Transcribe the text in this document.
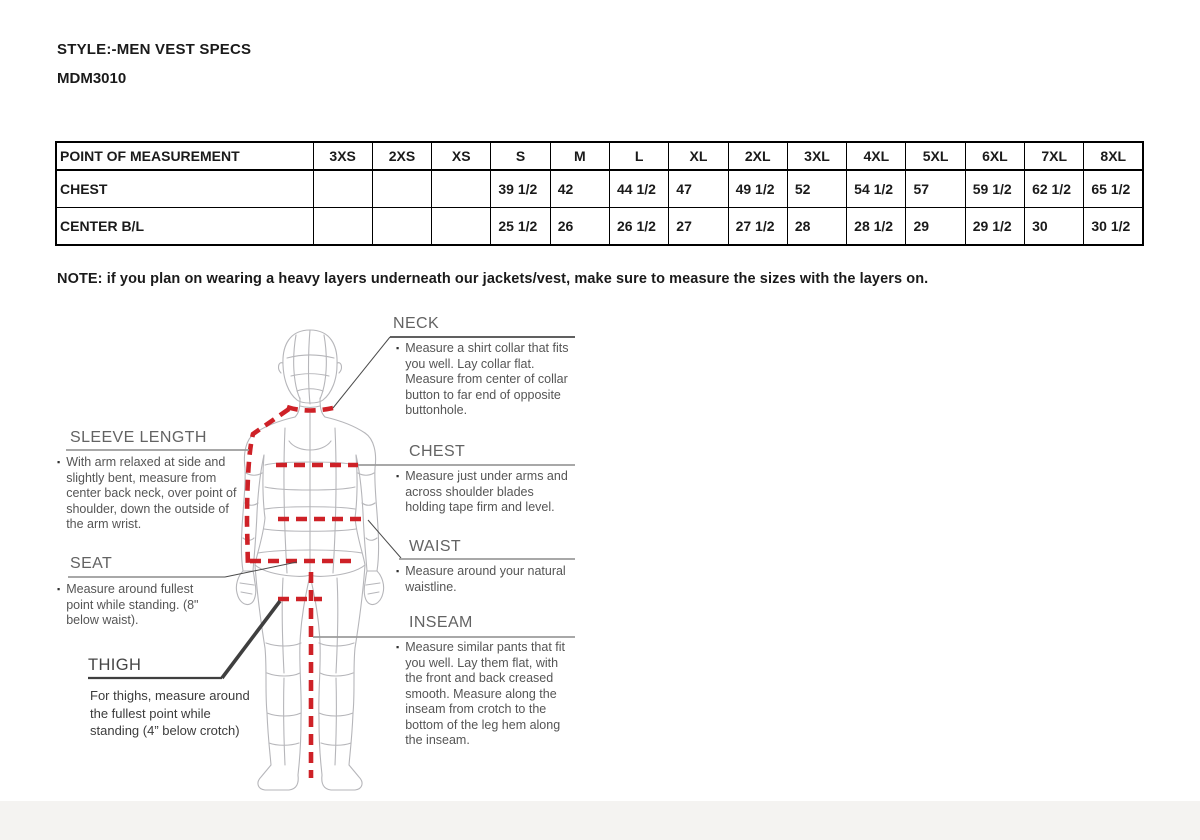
STYLE:-MEN VEST SPECS
MDM3010
POINT OF MEASUREMENT	3XS	2XS	XS	S	M	L	XL	2XL	3XL	4XL	5XL	6XL	7XL	8XL
CHEST				39 1/2	42	44 1/2	47	49 1/2	52	54 1/2	57	59 1/2	62 1/2	65 1/2
CENTER B/L				25 1/2	26	26 1/2	27	27 1/2	28	28 1/2	29	29 1/2	30	30 1/2
NOTE: if you plan on wearing a heavy layers underneath our jackets/vest, make sure to measure the sizes with the layers on.
NECK
▪
Measure a shirt collar that fits you well. Lay collar flat. Measure from center of collar button to far end of opposite buttonhole.
CHEST
▪
Measure just under arms and across shoulder blades holding tape firm and level.
WAIST
▪
Measure around your natural waistline.
INSEAM
▪
Measure similar pants that fit you well. Lay them flat, with the front and back creased smooth. Measure along the inseam from crotch to the bottom of the leg hem along the inseam.
SLEEVE LENGTH
▪
With arm relaxed at side and slightly bent, measure from center back neck, over point of shoulder, down the outside of the arm wrist.
SEAT
▪
Measure around fullest point while standing. (8" below waist).
THIGH
For thighs, measure around the fullest point while standing (4” below crotch)
